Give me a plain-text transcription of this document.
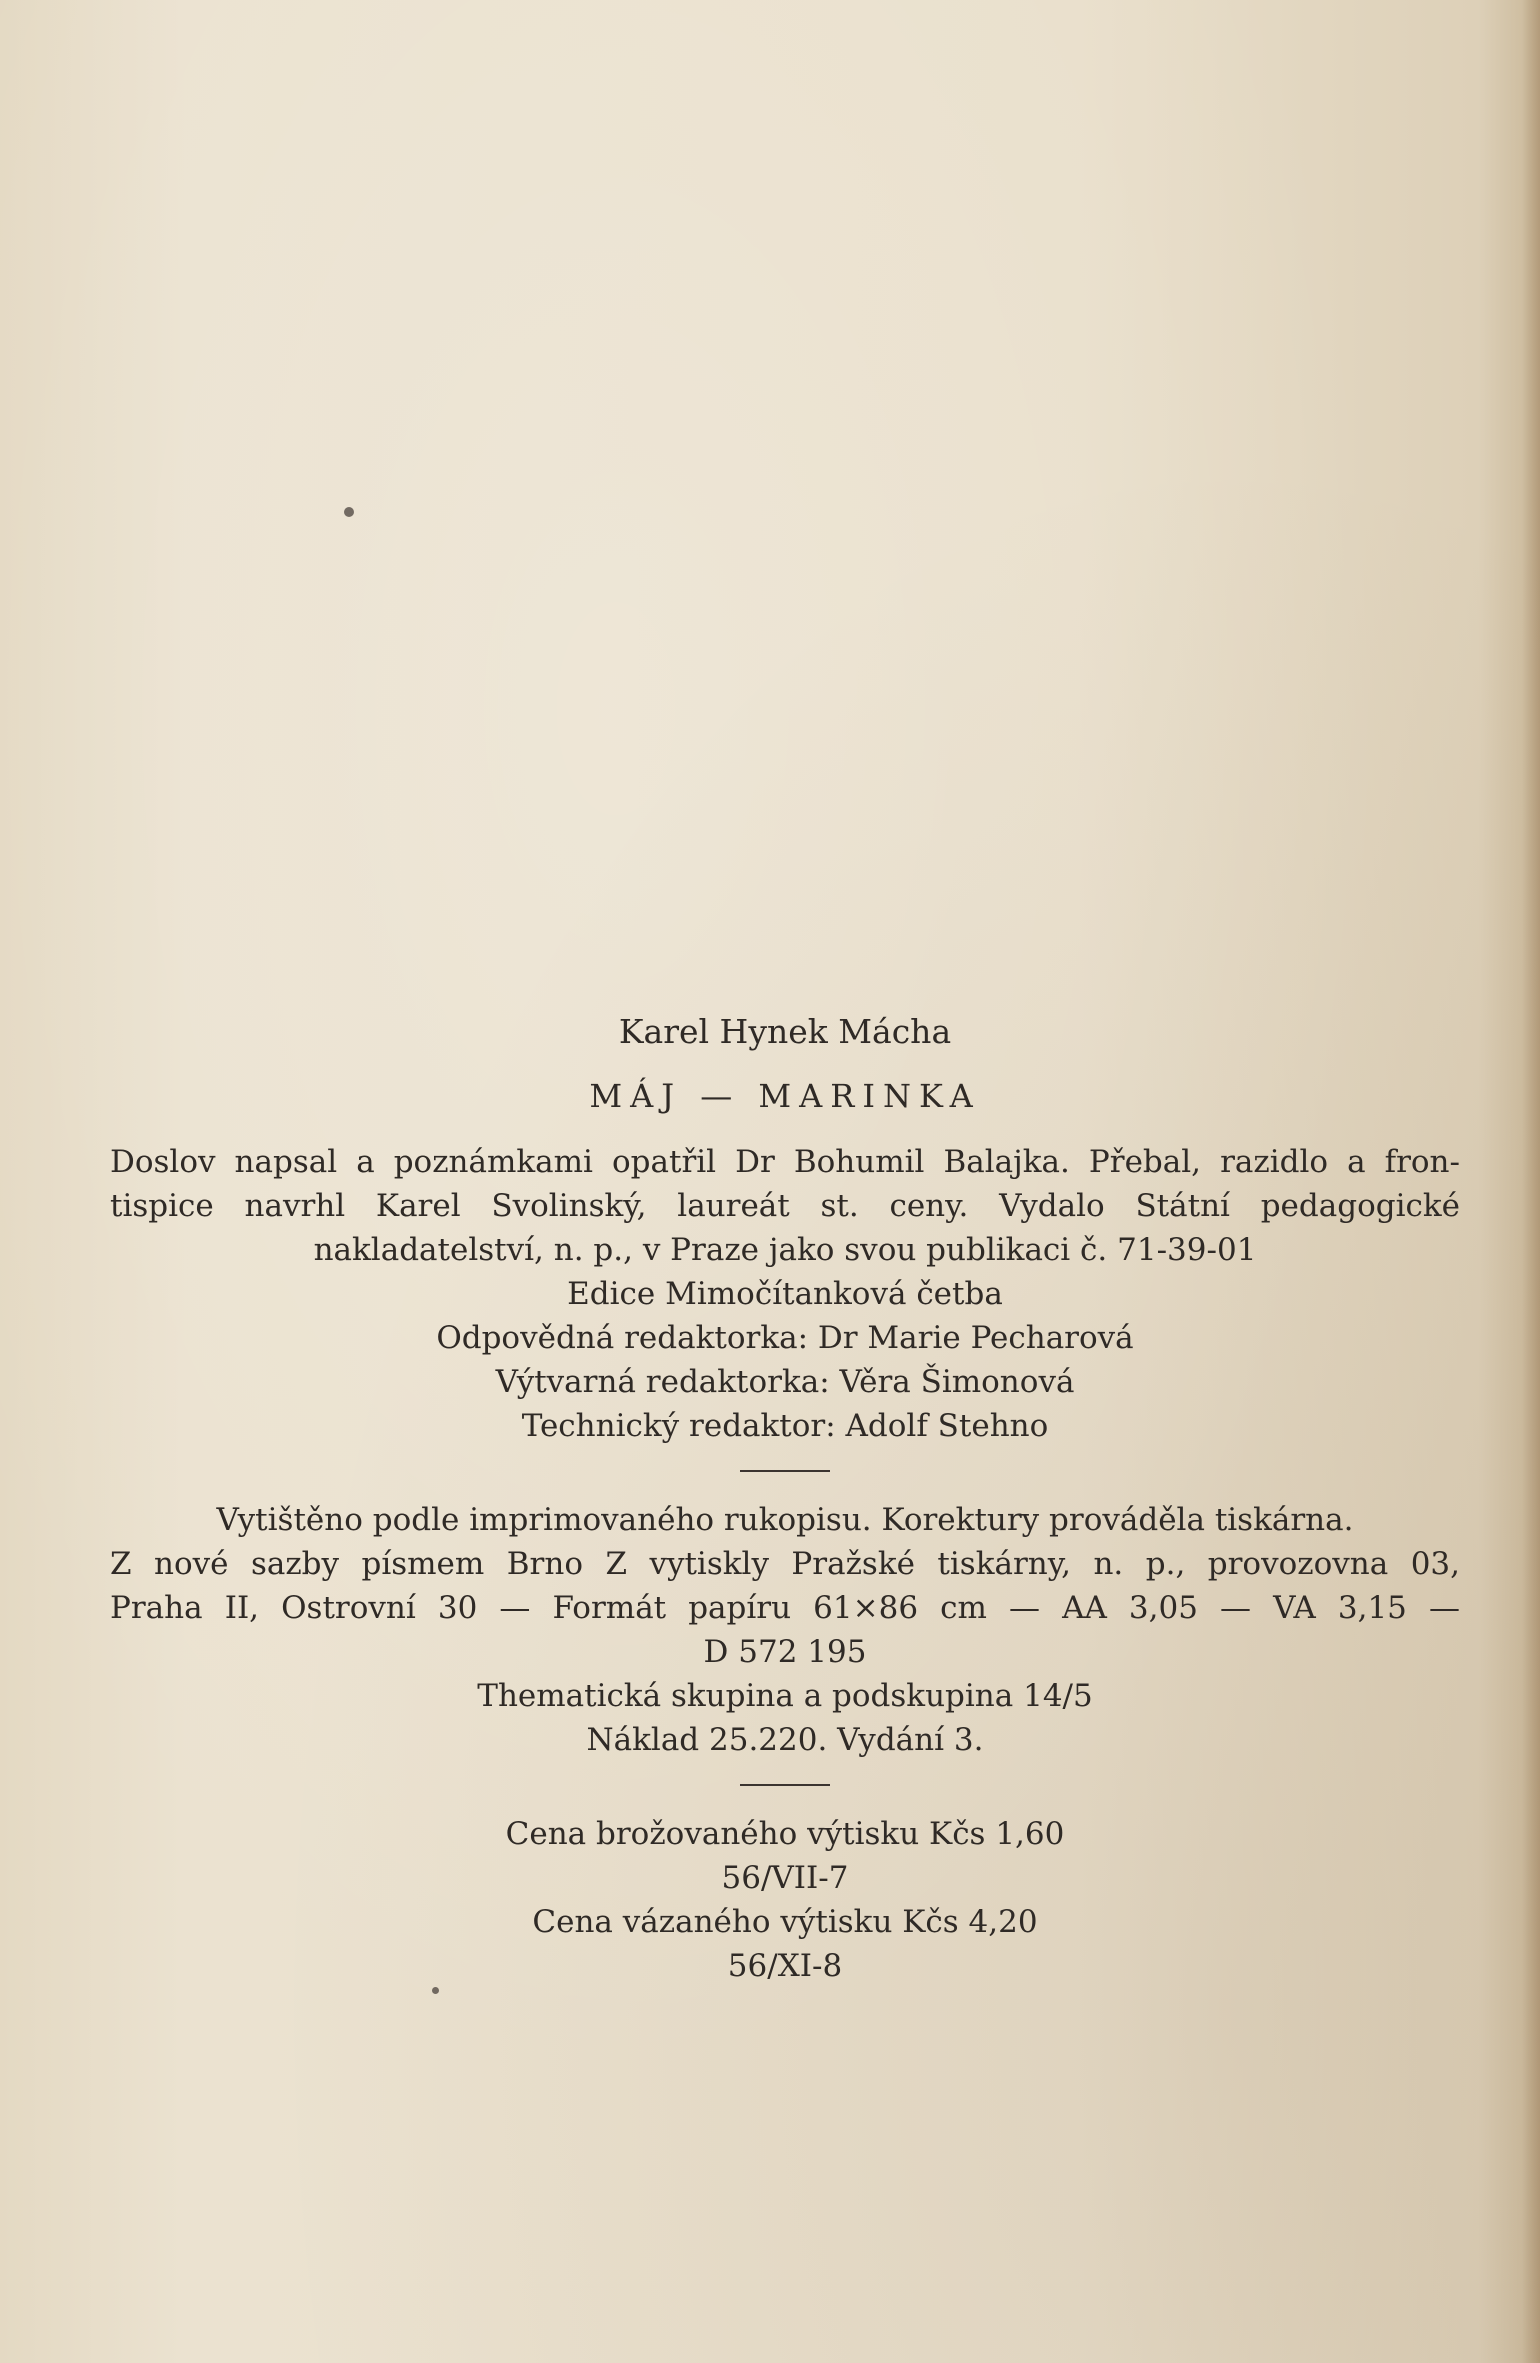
Karel Hynek Mácha

MÁJ — MARINKA

Doslov napsal a poznámkami opatřil Dr Bohumil Balajka. Přebal, razidlo a fron-

tispice navrhl Karel Svolinský, laureát st. ceny. Vydalo Státní pedagogické

nakladatelství, n. p., v Praze jako svou publikaci č. 71-39-01

Edice Mimočítanková četba

Odpovědná redaktorka: Dr Marie Pecharová

Výtvarná redaktorka: Věra Šimonová

Technický redaktor: Adolf Stehno

Vytištěno podle imprimovaného rukopisu. Korektury prováděla tiskárna.

Z nové sazby písmem Brno Z vytiskly Pražské tiskárny, n. p., provozovna 03,

Praha II, Ostrovní 30 — Formát papíru 61×86 cm — AA 3,05 — VA 3,15 —

D 572 195

Thematická skupina a podskupina 14/5

Náklad 25.220. Vydání 3.

Cena brožovaného výtisku Kčs 1,60

56/VII-7

Cena vázaného výtisku Kčs 4,20

56/XI-8
